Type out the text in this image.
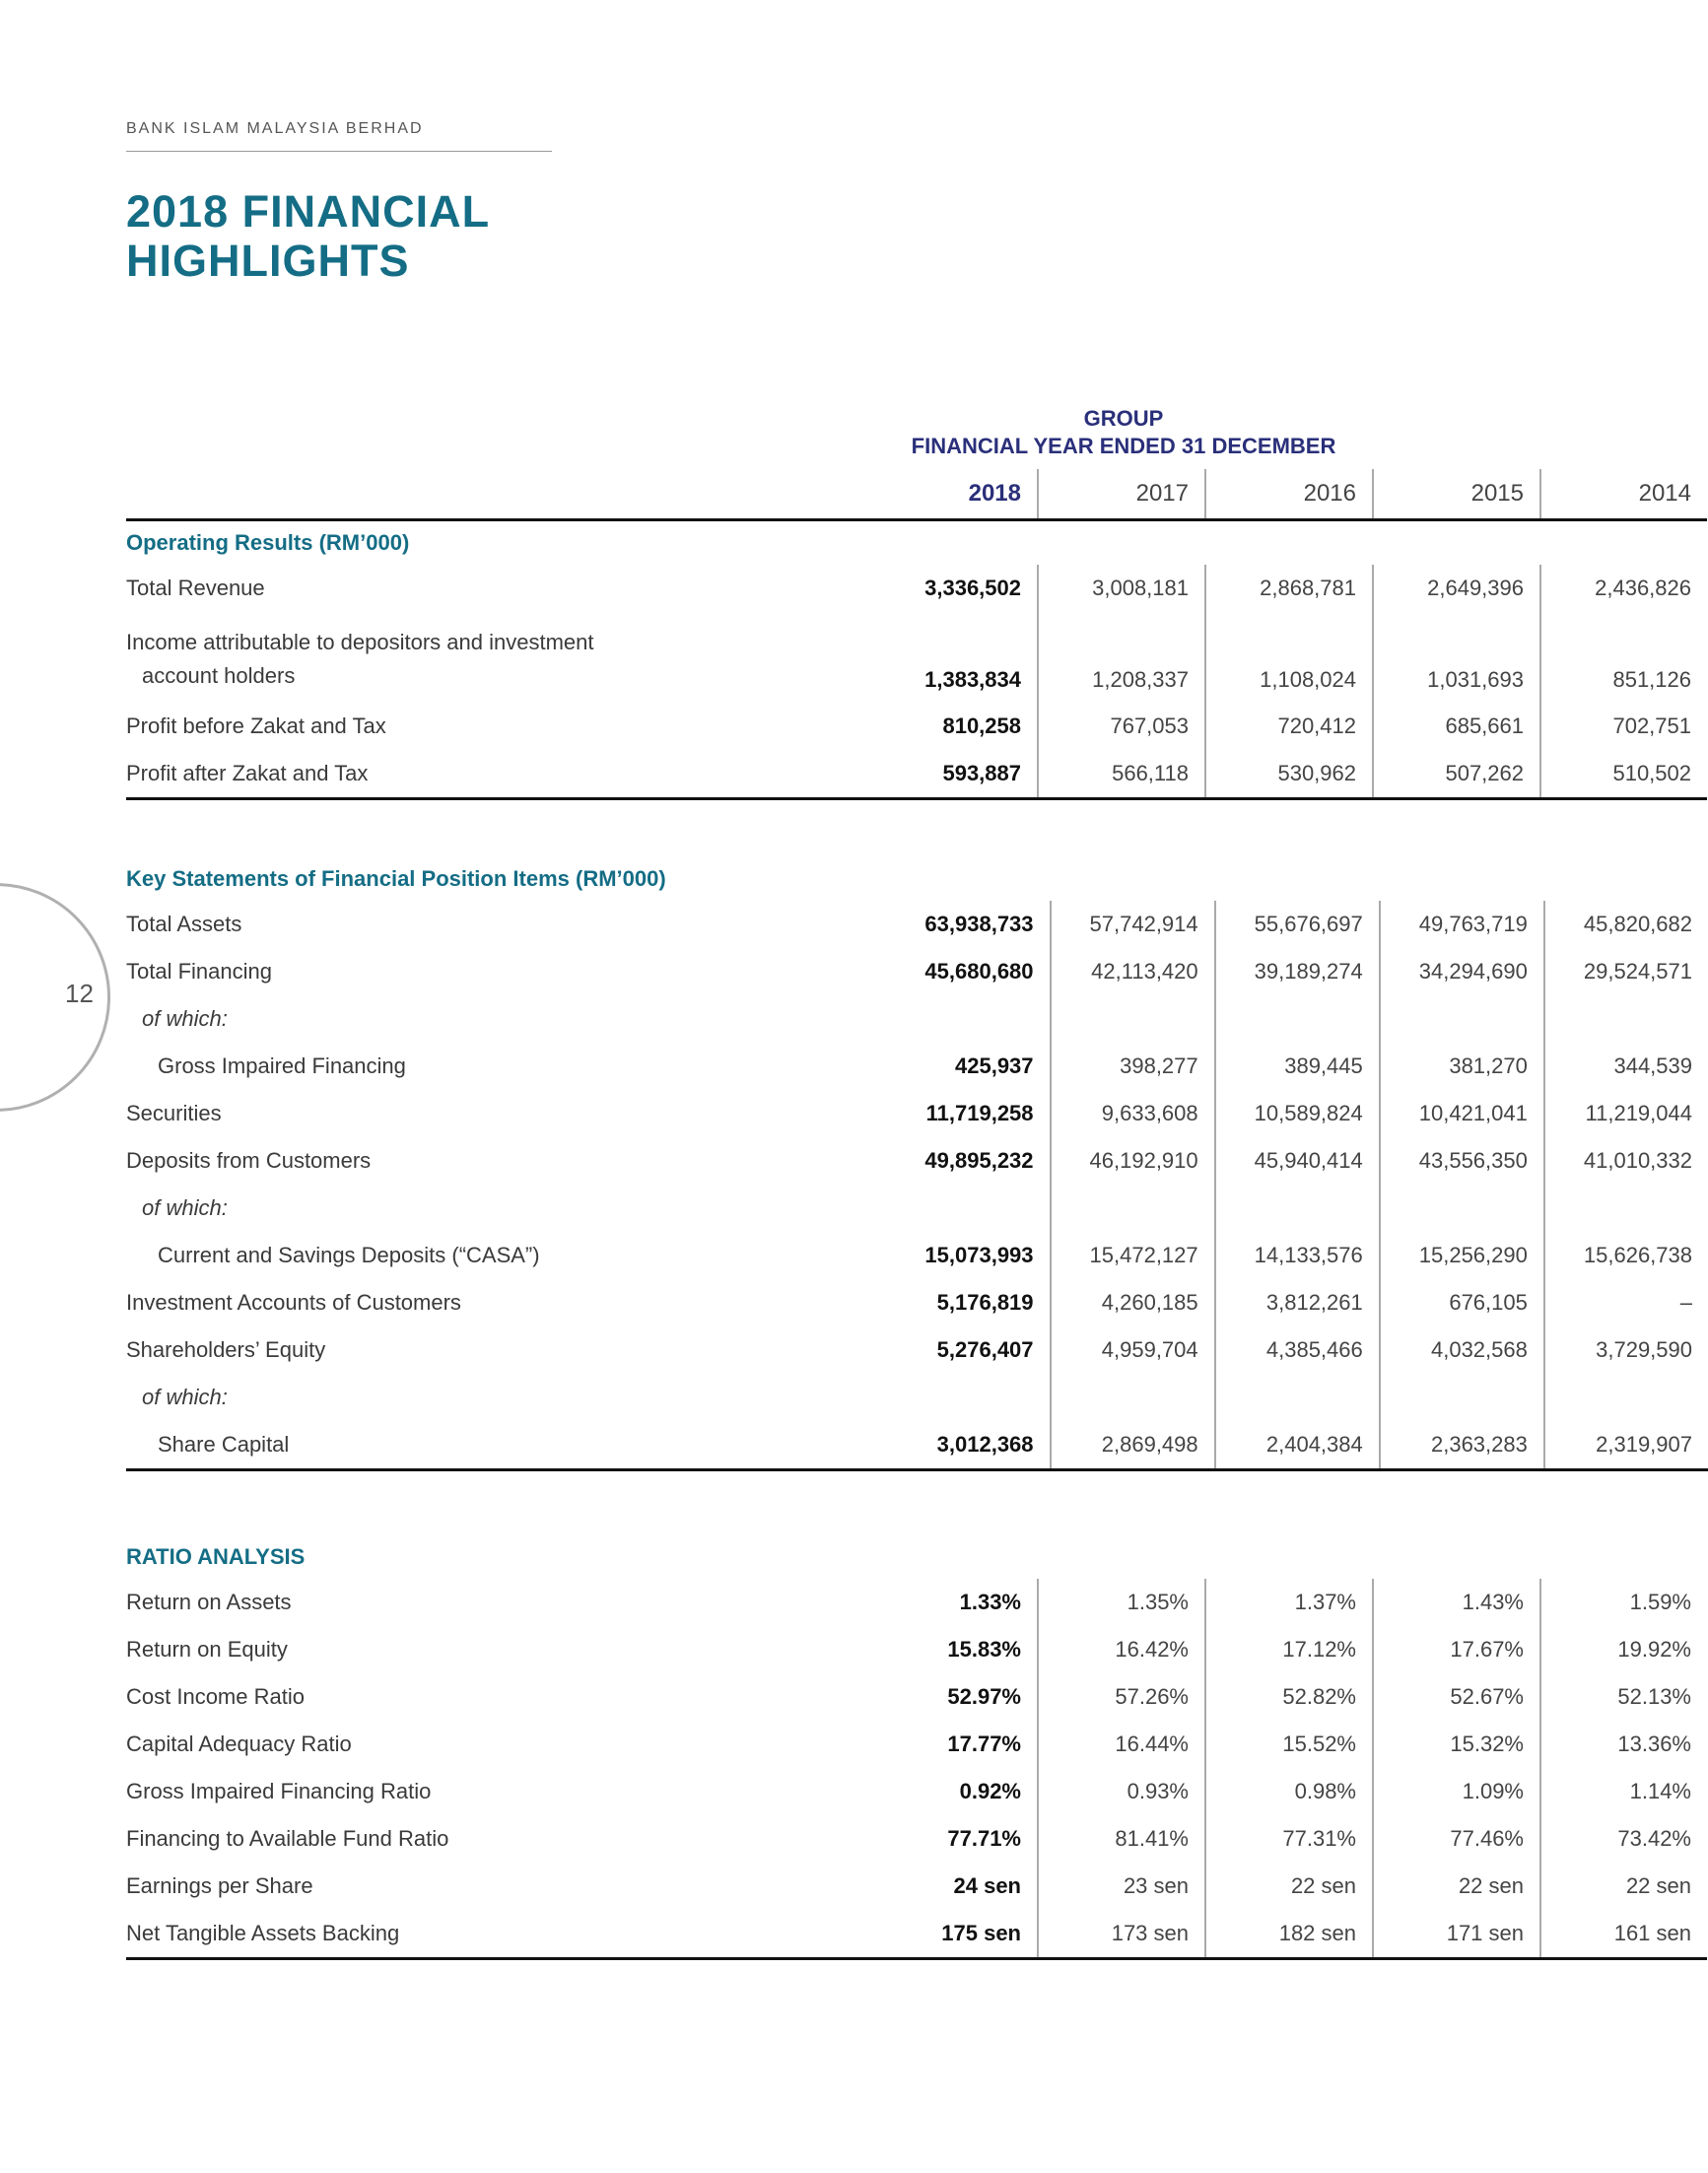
BANK ISLAM MALAYSIA BERHAD
2018 FINANCIAL
HIGHLIGHTS
12
GROUP
FINANCIAL YEAR ENDED 31 DECEMBER
	2018	2017	2016	2015	2014
Operating Results (RM’000)					
Total Revenue	3,336,502	3,008,181	2,868,781	2,649,396	2,436,826

Income attributable to depositors and investment
account holders	1,383,834	1,208,337	1,108,024	1,031,693	851,126
Profit before Zakat and Tax	810,258	767,053	720,412	685,661	702,751
Profit after Zakat and Tax	593,887	566,118	530,962	507,262	510,502
Key Statements of Financial Position Items (RM’000)					
Total Assets	63,938,733	57,742,914	55,676,697	49,763,719	45,820,682
Total Financing	45,680,680	42,113,420	39,189,274	34,294,690	29,524,571
of which:					
Gross Impaired Financing	425,937	398,277	389,445	381,270	344,539
Securities	11,719,258	9,633,608	10,589,824	10,421,041	11,219,044
Deposits from Customers	49,895,232	46,192,910	45,940,414	43,556,350	41,010,332
of which:					
Current and Savings Deposits (“CASA”)	15,073,993	15,472,127	14,133,576	15,256,290	15,626,738
Investment Accounts of Customers	5,176,819	4,260,185	3,812,261	676,105	–
Shareholders’ Equity	5,276,407	4,959,704	4,385,466	4,032,568	3,729,590
of which:					
Share Capital	3,012,368	2,869,498	2,404,384	2,363,283	2,319,907
RATIO ANALYSIS					
Return on Assets	1.33%	1.35%	1.37%	1.43%	1.59%
Return on Equity	15.83%	16.42%	17.12%	17.67%	19.92%
Cost Income Ratio	52.97%	57.26%	52.82%	52.67%	52.13%
Capital Adequacy Ratio	17.77%	16.44%	15.52%	15.32%	13.36%
Gross Impaired Financing Ratio	0.92%	0.93%	0.98%	1.09%	1.14%
Financing to Available Fund Ratio	77.71%	81.41%	77.31%	77.46%	73.42%
Earnings per Share	24 sen	23 sen	22 sen	22 sen	22 sen
Net Tangible Assets Backing	175 sen	173 sen	182 sen	171 sen	161 sen
